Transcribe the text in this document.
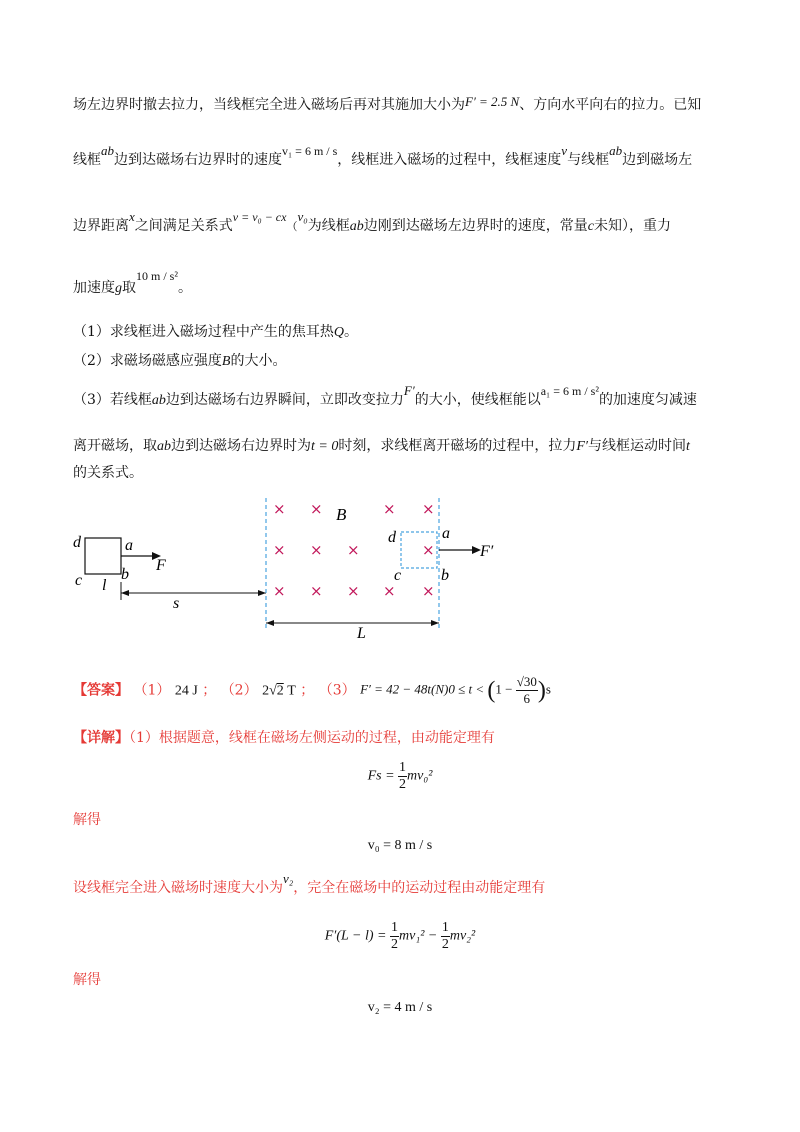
场左边界时撤去拉力，当线框完全进入磁场后再对其施加大小为F′ = 2.5 N、方向水平向右的拉力。已知
线框ab边到达磁场右边界时的速度v₁ = 6 m / s，线框进入磁场的过程中，线框速度v与线框ab边到磁场左
边界距离x之间满足关系式v = v₀ − cx（v₀为线框ab边刚到达磁场左边界时的速度，常量c未知），重力
加速度g取10 m / s²。
（1）求线框进入磁场过程中产生的焦耳热Q。
（2）求磁场磁感应强度B的大小。
（3）若线框ab边到达磁场右边界瞬间，立即改变拉力F′的大小，使线框能以a₁ = 6 m / s²的加速度匀减速
离开磁场，取ab边到达磁场右边界时为t = 0时刻，求线框离开磁场的过程中，拉力F′与线框运动时间t
的关系式。
d	a
c b
l
F
s
× ×	× ×
× × ×	×
× × × × ×
B
d	a
c b
F′
L
【答案】 （1） 24 J ； （2） 2√2 T ； （3） $F' = 42 - 48t(N)0 \le t < (1 - \frac{√30}{6} )s$
【详解】（1）根据题意，线框在磁场左侧运动的过程，由动能定理有
$Fs = \frac{1}{2} mv_0^2$
解得
v₀ = 8 m / s
设线框完全进入磁场时速度大小为v₂，完全在磁场中的运动过程由动能定理有
$F'(L - l) = \frac{1}{2} mv_1^2 - \frac{1}{2} mv_2^2$
解得
v₂ = 4 m / s
